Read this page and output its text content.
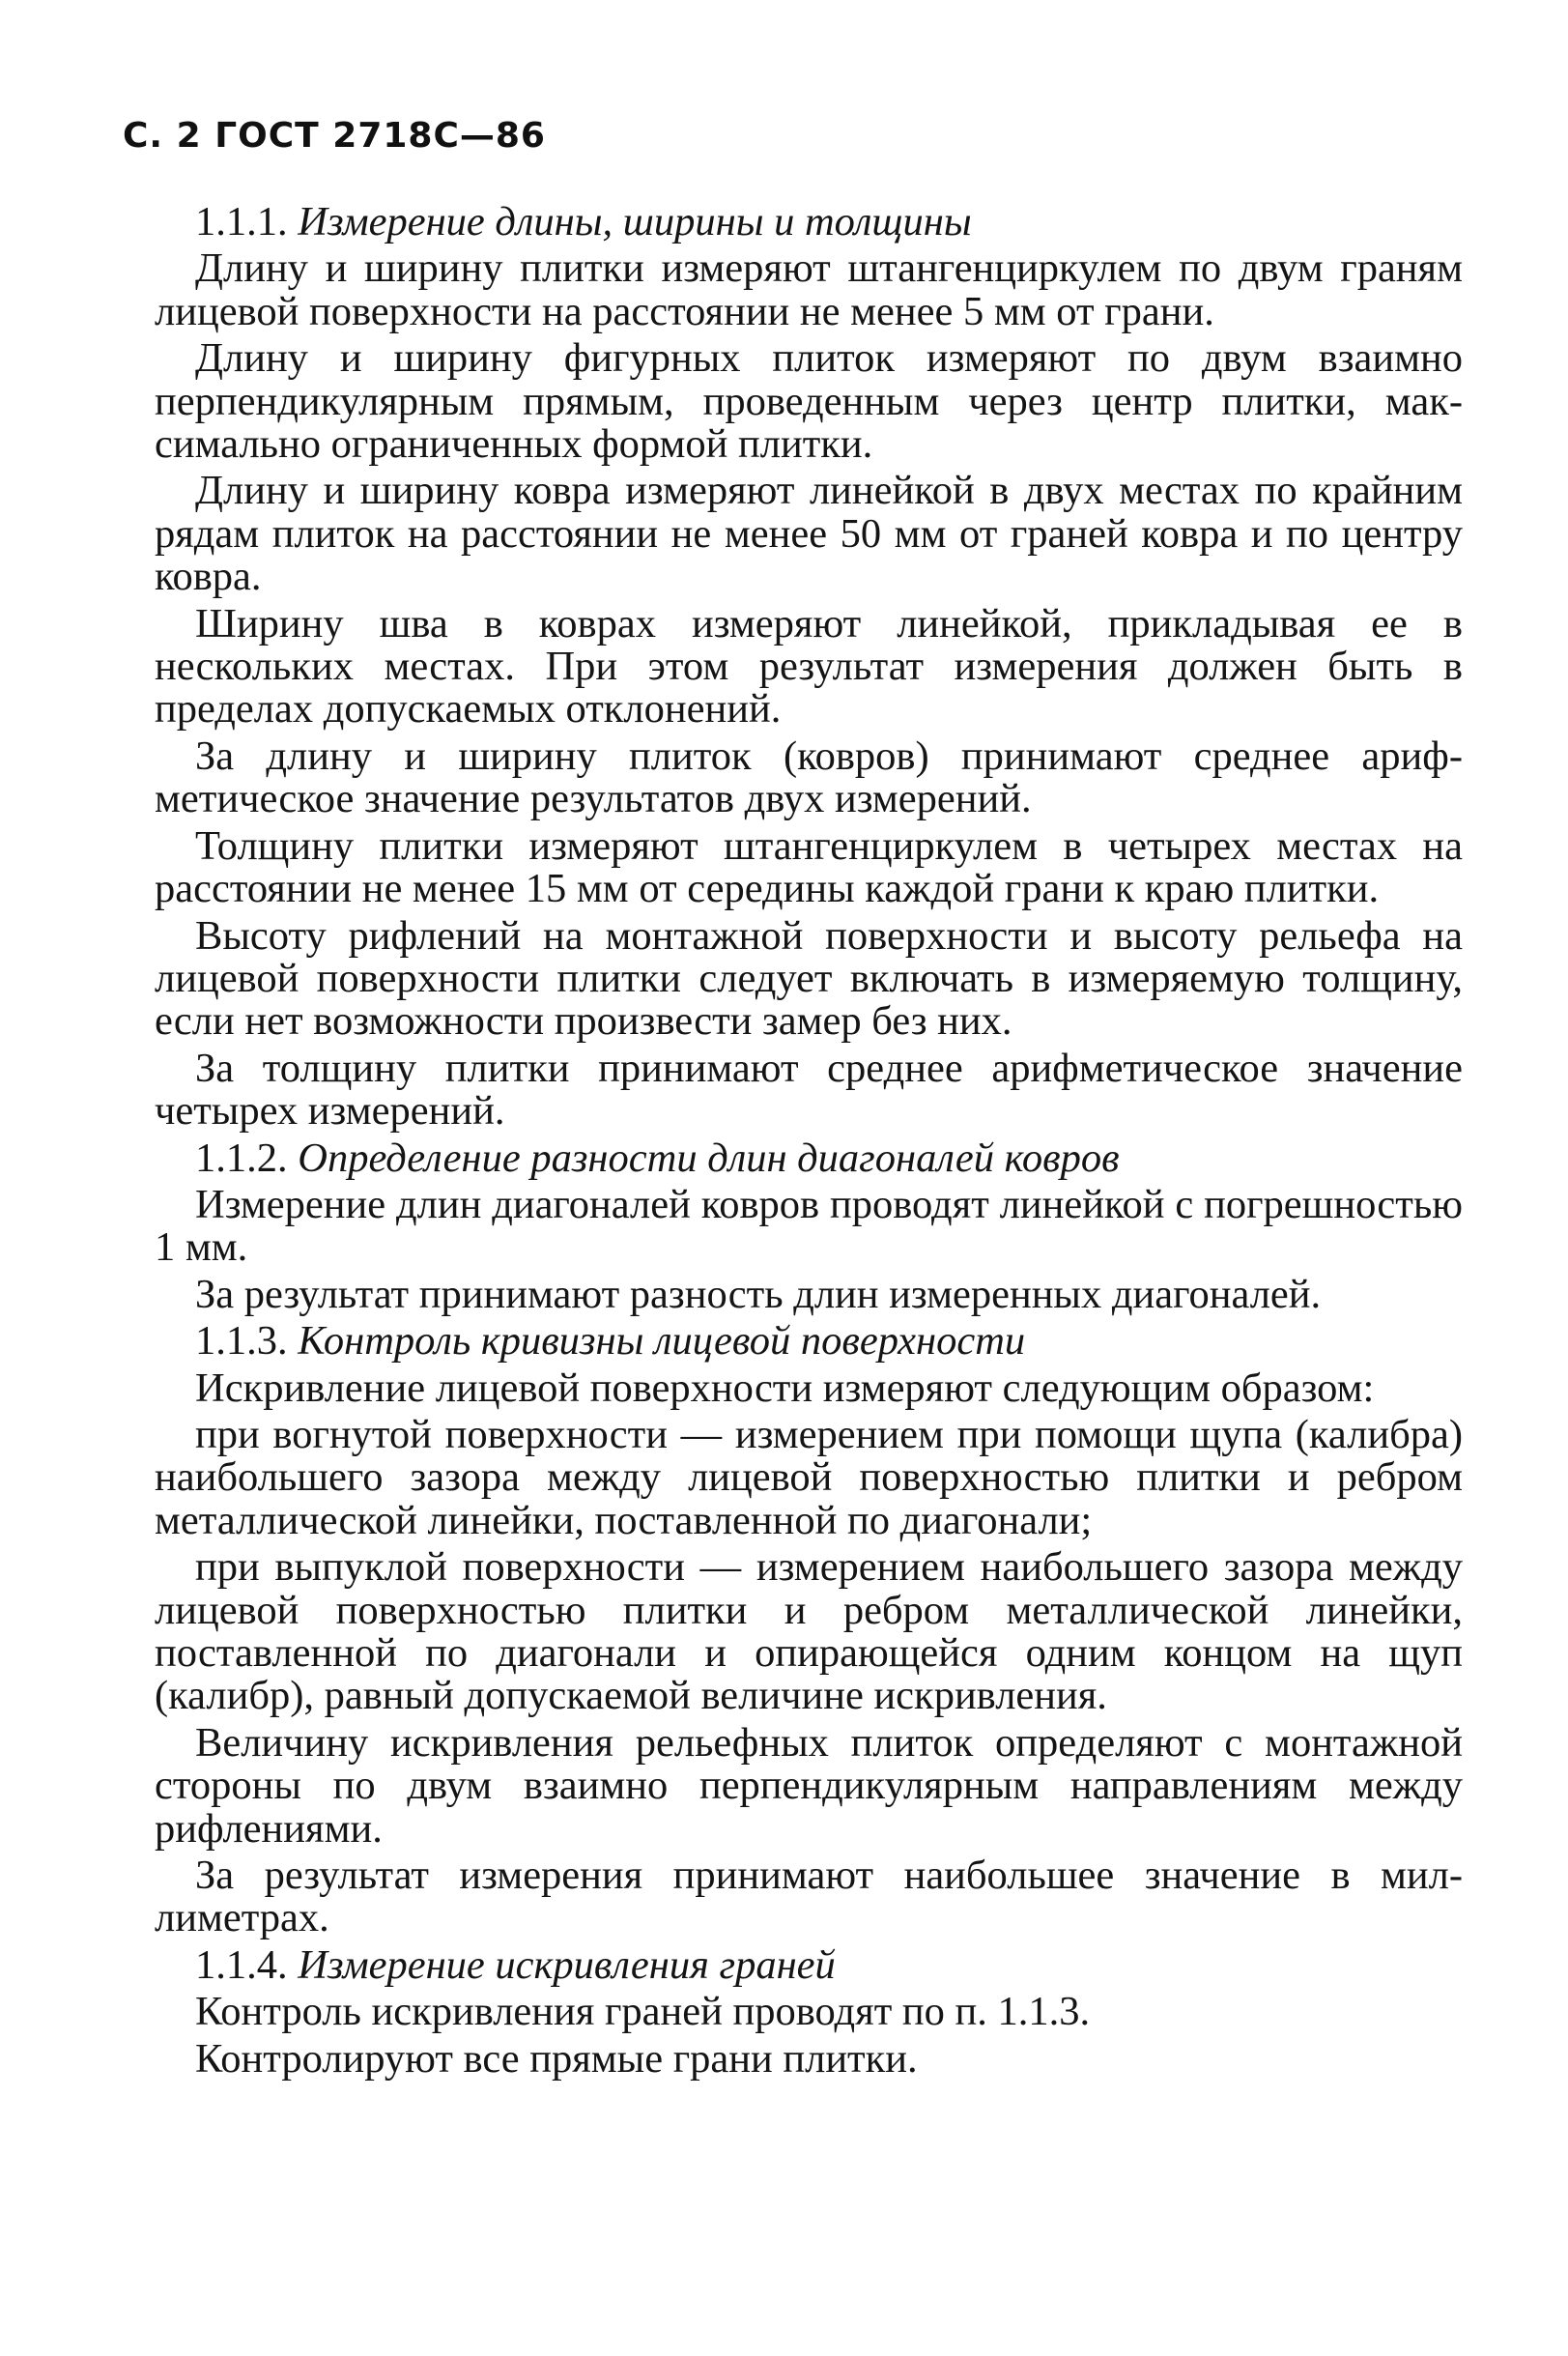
С. 2 ГОСТ 2718С—86

1.1.1. Измерение длины, ширины и толщины

Длину и ширину плитки измеряют штангенциркулем по двум граням лицевой поверхности на расстоянии не менее 5 мм от грани.

Длину и ширину фигурных плиток измеряют по двум взаимно перпендикулярным прямым, проведенным через центр плитки, максимально ограниченных формой плитки.

Длину и ширину ковра измеряют линейкой в двух местах по крайним рядам плиток на расстоянии не менее 50 мм от граней ковра и по центру ковра.

Ширину шва в коврах измеряют линейкой, прикладывая ее в нескольких местах. При этом результат измерения должен быть в пределах допускаемых отклонений.

За длину и ширину плиток (ковров) принимают среднее арифметическое значение результатов двух измерений.

Толщину плитки измеряют штангенциркулем в четырех местах на расстоянии не менее 15 мм от середины каждой грани к краю плитки.

Высоту рифлений на монтажной поверхности и высоту рельефа на лицевой поверхности плитки следует включать в измеряемую толщину, если нет возможности произвести замер без них.

За толщину плитки принимают среднее арифметическое значение четырех измерений.

1.1.2. Определение разности длин диагоналей ковров

Измерение длин диагоналей ковров проводят линейкой с погрешностью 1 мм.

За результат принимают разность длин измеренных диагоналей.

1.1.3. Контроль кривизны лицевой поверхности

Искривление лицевой поверхности измеряют следующим образом:

при вогнутой поверхности — измерением при помощи щупа (калибра) наибольшего зазора между лицевой поверхностью плитки и ребром металлической линейки, поставленной по диагонали;

при выпуклой поверхности — измерением наибольшего зазора между лицевой поверхностью плитки и ребром металлической линейки, поставленной по диагонали и опирающейся одним концом на щуп (калибр), равный допускаемой величине искривления.

Величину искривления рельефных плиток определяют с монтажной стороны по двум взаимно перпендикулярным направлениям между рифлениями.

За результат измерения принимают наибольшее значение в миллиметрах.

1.1.4. Измерение искривления граней

Контроль искривления граней проводят по п. 1.1.3.

Контролируют все прямые грани плитки.
